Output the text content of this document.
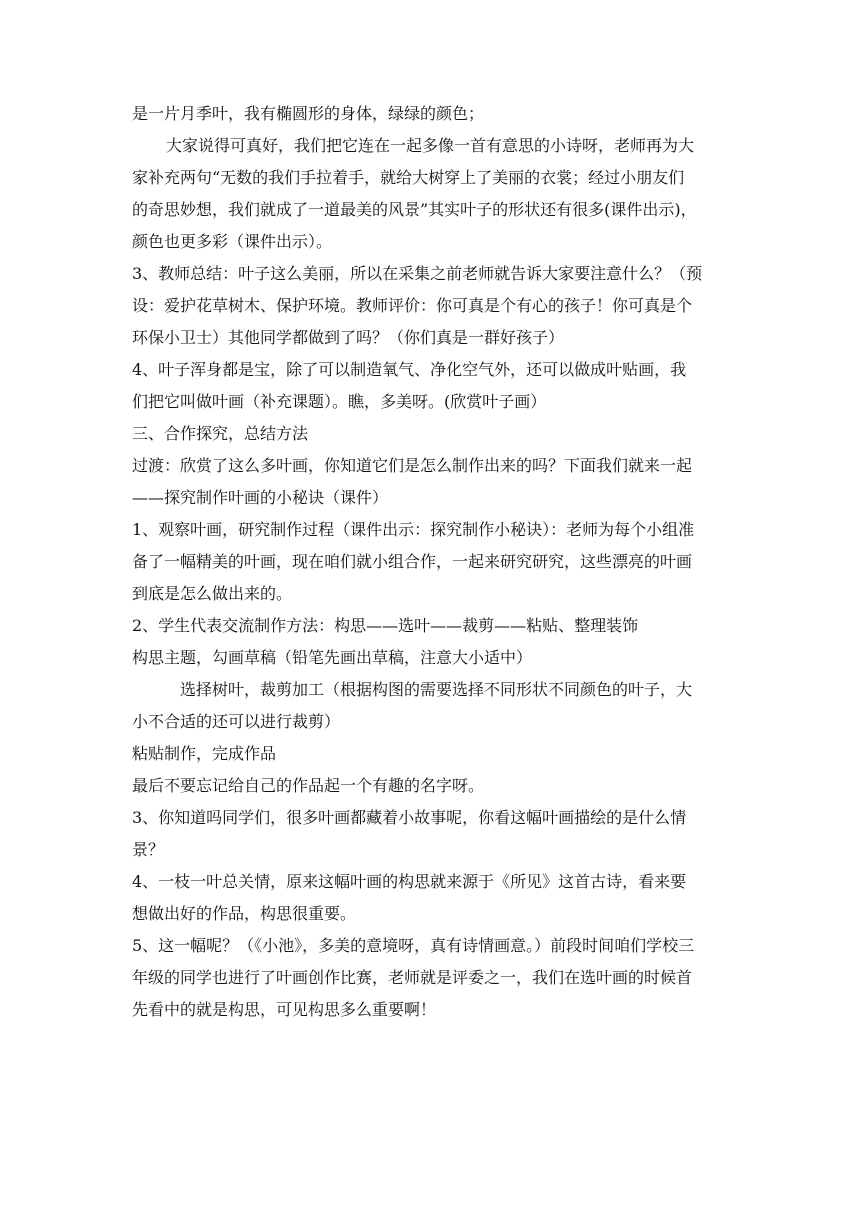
是一片月季叶，我有椭圆形的身体，绿绿的颜色；
大家说得可真好，我们把它连在一起多像一首有意思的小诗呀，老师再为大
家补充两句“无数的我们手拉着手，就给大树穿上了美丽的衣裳；经过小朋友们
的奇思妙想，我们就成了一道最美的风景”其实叶子的形状还有很多(课件出示)，
颜色也更多彩（课件出示）。
3、教师总结：叶子这么美丽，所以在采集之前老师就告诉大家要注意什么？（预
设：爱护花草树木、保护环境。教师评价：你可真是个有心的孩子！你可真是个
环保小卫士）其他同学都做到了吗？（你们真是一群好孩子）
4、叶子浑身都是宝，除了可以制造氧气、净化空气外，还可以做成叶贴画，我
们把它叫做叶画（补充课题）。瞧，多美呀。(欣赏叶子画）
三、合作探究，总结方法
过渡：欣赏了这么多叶画，你知道它们是怎么制作出来的吗？下面我们就来一起
——探究制作叶画的小秘诀（课件）
1、观察叶画，研究制作过程（课件出示：探究制作小秘诀）：老师为每个小组准
备了一幅精美的叶画，现在咱们就小组合作，一起来研究研究，这些漂亮的叶画
到底是怎么做出来的。
2、学生代表交流制作方法：构思——选叶——裁剪——粘贴、整理装饰
构思主题，勾画草稿（铅笔先画出草稿，注意大小适中）
选择树叶，裁剪加工（根据构图的需要选择不同形状不同颜色的叶子，大
小不合适的还可以进行裁剪）
粘贴制作，完成作品
最后不要忘记给自己的作品起一个有趣的名字呀。
3、你知道吗同学们，很多叶画都藏着小故事呢，你看这幅叶画描绘的是什么情
景？
4、一枝一叶总关情，原来这幅叶画的构思就来源于《所见》这首古诗，看来要
想做出好的作品，构思很重要。
5、这一幅呢？（《小池》，多美的意境呀，真有诗情画意。）前段时间咱们学校三
年级的同学也进行了叶画创作比赛，老师就是评委之一，我们在选叶画的时候首
先看中的就是构思，可见构思多么重要啊！
